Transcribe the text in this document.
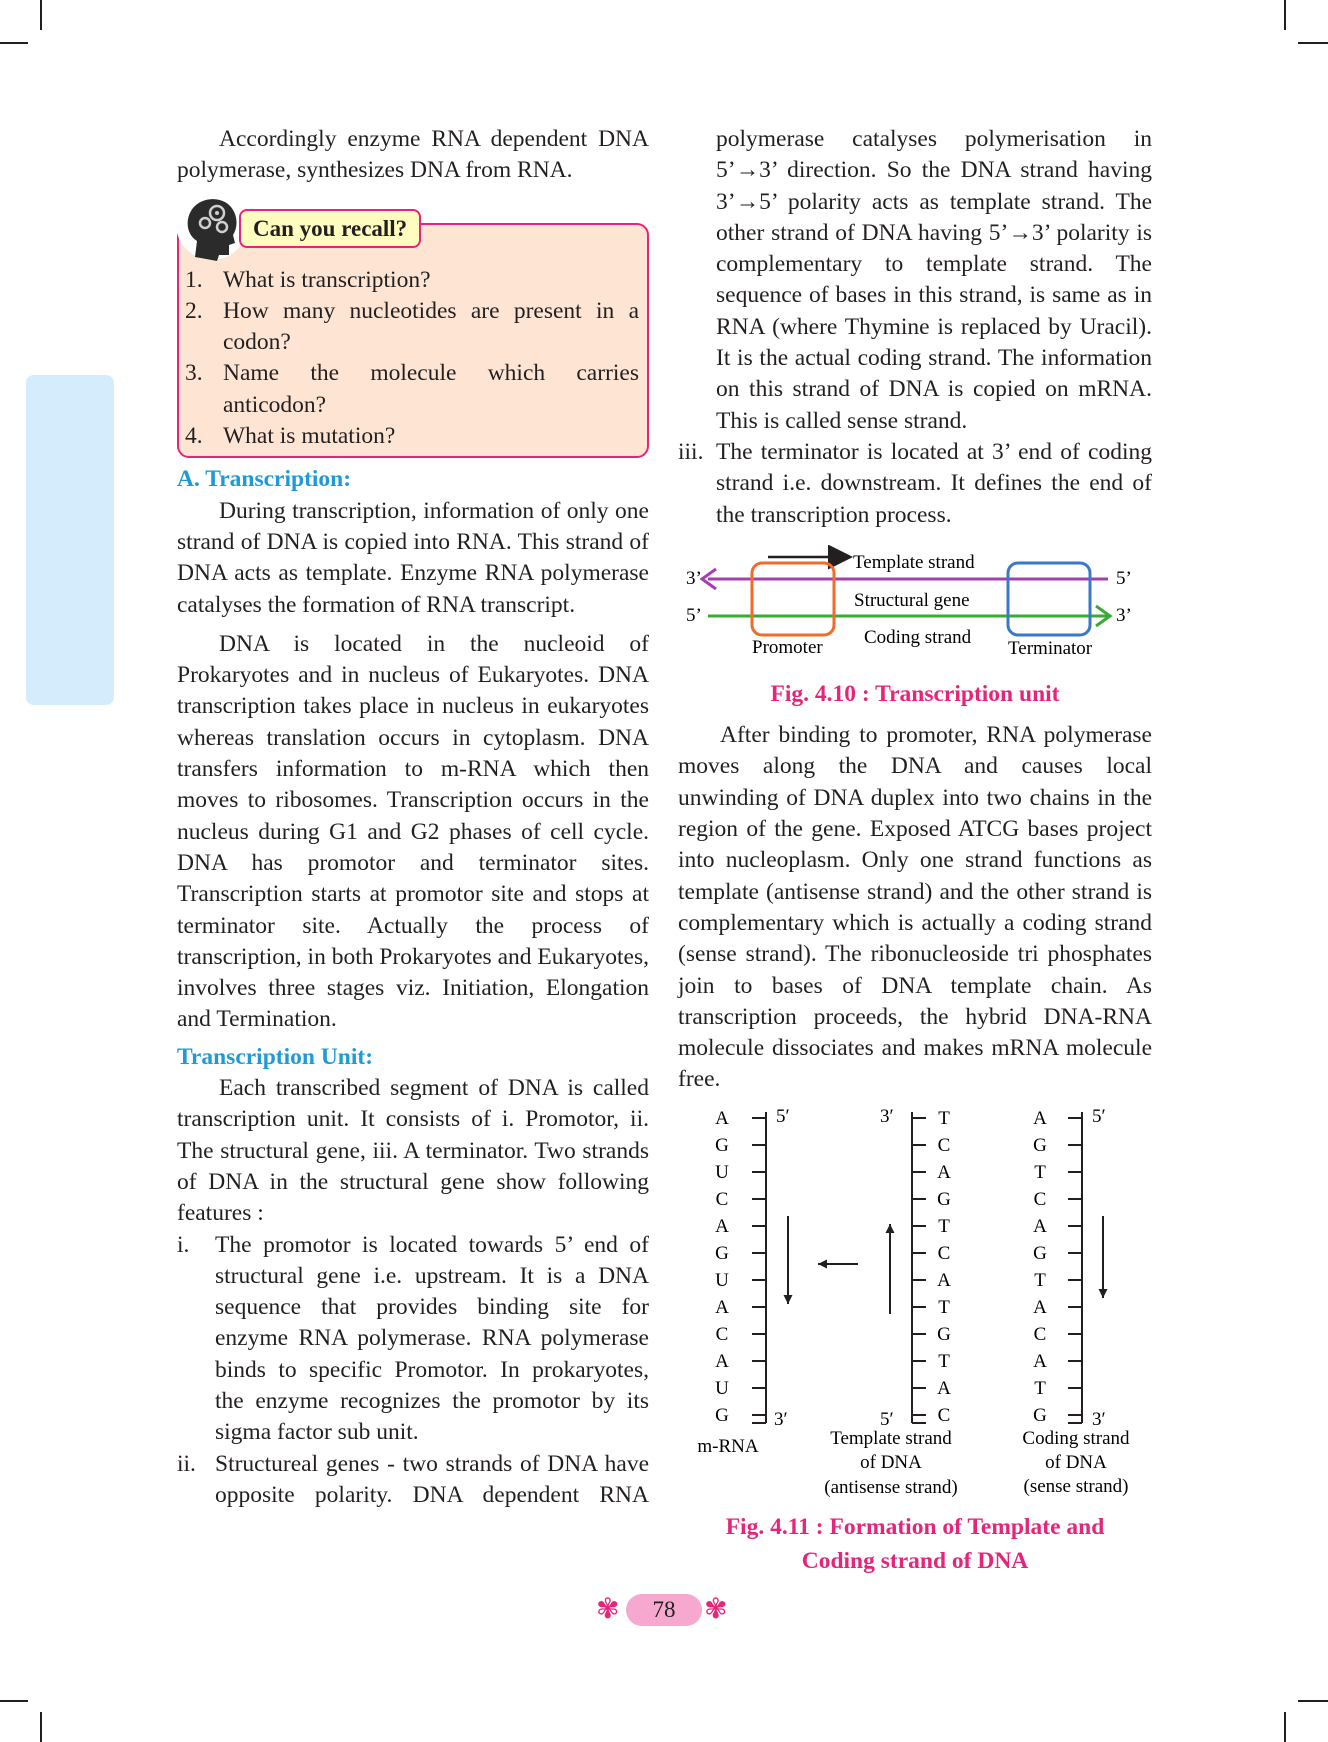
Accordingly enzyme RNA dependent DNA polymerase, synthesizes DNA from RNA.

Can you recall?
1. What is transcription?
2. How many nucleotides are present in a codon?
3. Name the molecule which carries anticodon?
4. What is mutation?

A. Transcription:

During transcription, information of only one strand of DNA is copied into RNA. This strand of DNA acts as template. Enzyme RNA polymerase catalyses the formation of RNA transcript.

DNA is located in the nucleoid of Prokaryotes and in nucleus of Eukaryotes. DNA transcription takes place in nucleus in eukaryotes whereas translation occurs in cytoplasm. DNA transfers information to m-RNA which then moves to ribosomes. Transcription occurs in the nucleus during G1 and G2 phases of cell cycle. DNA has promotor and terminator sites. Transcription starts at promotor site and stops at terminator site. Actually the process of transcription, in both Prokaryotes and Eukaryotes, involves three stages viz. Initiation, Elongation and Termination.

Transcription Unit:

Each transcribed segment of DNA is called transcription unit. It consists of i. Promotor, ii. The structural gene, iii. A terminator. Two strands of DNA in the structural gene show following features :

i.	The promotor is located towards 5’ end of structural gene i.e. upstream. It is a DNA sequence that provides binding site for enzyme RNA polymerase. RNA polymerase binds to specific Promotor. In prokaryotes, the enzyme recognizes the promotor by its sigma factor sub unit.
ii. Structureal genes - two strands of DNA have opposite polarity. DNA dependent RNA

polymerase catalyses polymerisation in 5’→3’ direction. So the DNA strand having 3’→5’ polarity acts as template strand. The other strand of DNA having 5’→3’ polarity is complementary to template strand. The sequence of bases in this strand, is same as in RNA (where Thymine is replaced by Uracil). It is the actual coding strand. The information on this strand of DNA is copied on mRNA. This is called sense strand.

iii. The terminator is located at 3’ end of coding strand i.e. downstream. It defines the end of the transcription process.
3’
5’
5’
3’
Template strand
Structural gene
Coding strand
Promoter	Terminator

Fig. 4.10 : Transcription unit

After binding to promoter, RNA polymerase moves along the DNA and causes local unwinding of DNA duplex into two chains in the region of the gene. Exposed ATCG bases project into nucleoplasm. Only one strand functions as template (antisense strand) and the other strand is complementary which is actually a coding strand (sense strand). The ribonucleoside tri phosphates join to bases of DNA template chain. As transcription proceeds, the hybrid DNA-RNA molecule dissociates and makes mRNA molecule free.

A
G
U
C
A
G
U
A
C
A
U
G
5′
3′
T
C
A
G
T
C
A
T
G
T
A
C
3′
5′
A
G
T
C
A
G
T
A
C
A
T
G
5′
3′
m-RNA	Template strand
of DNA
(antisense strand)
Coding strand
of DNA
(sense strand)
✾	78	✾

Fig. 4.11 : Formation of Template and

Coding strand of DNA
